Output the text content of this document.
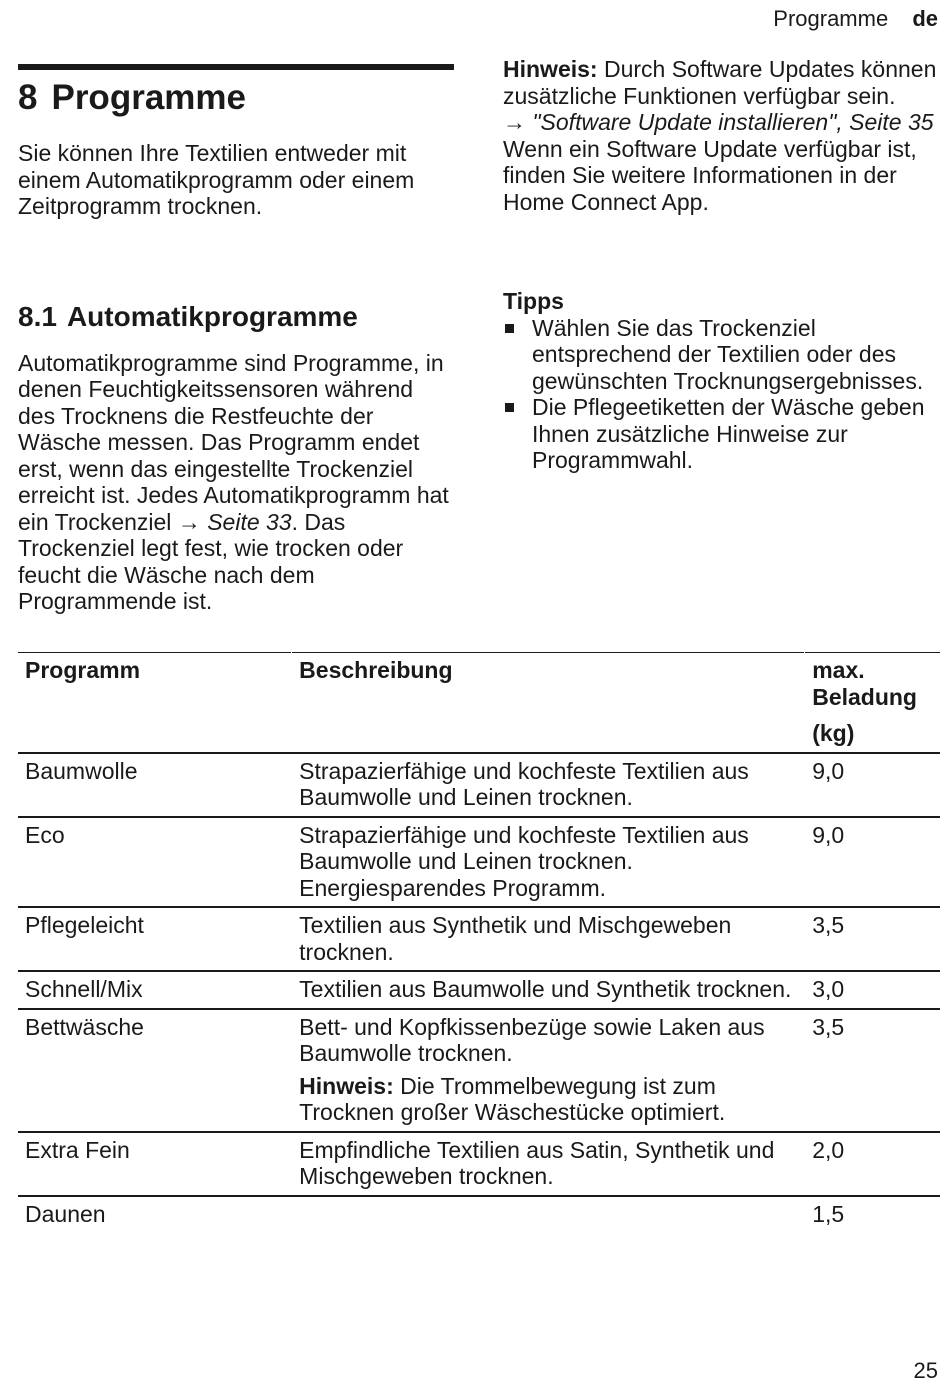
Programme de
8 Programme

Sie können Ihre Textilien entweder mit einem Automatikprogramm oder einem Zeitprogramm trocknen.

8.1 Automatikprogramme

Automatikprogramme sind Programme, in denen Feuchtigkeitssensoren während des Trocknens die Restfeuchte der Wäsche messen. Das Programm endet erst, wenn das eingestellte Trockenziel erreicht ist. Jedes Automatikprogramm hat ein Trockenziel → Seite 33. Das Trockenziel legt fest, wie trocken oder feucht die Wäsche nach dem Programmende ist.

Hinweis: Durch Software Updates können zusätzliche Funktionen verfügbar sein.

→ "Software Update installieren", Seite 35

Wenn ein Software Update verfügbar ist, finden Sie weitere Informationen in der Home Connect App.

Tipps
Wählen Sie das Trockenziel entsprechend der Textilien oder des gewünschten Trocknungsergebnisses.
Die Pflegeetiketten der Wäsche geben Ihnen zusätzliche Hinweise zur Programmwahl.
Programm	Beschreibung	max. Beladung
(kg)

Baumwolle	Strapazierfähige und kochfeste Textilien aus Baumwolle und Leinen trocknen.	9,0
Eco	Strapazierfähige und kochfeste Textilien aus Baumwolle und Leinen trocknen. Energiesparendes Programm.	9,0
Pflegeleicht	Textilien aus Synthetik und Mischgeweben trocknen.	3,5
Schnell/Mix	Textilien aus Baumwolle und Synthetik trocknen.	3,0
Bettwäsche	Bett- und Kopfkissenbezüge sowie Laken aus Baumwolle trocknen.
Hinweis: Die Trommelbewegung ist zum Trocknen großer Wäschestücke optimiert.	3,5
Extra Fein	Empfindliche Textilien aus Satin, Synthetik und Mischgeweben trocknen.	2,0
Daunen		1,5
25
